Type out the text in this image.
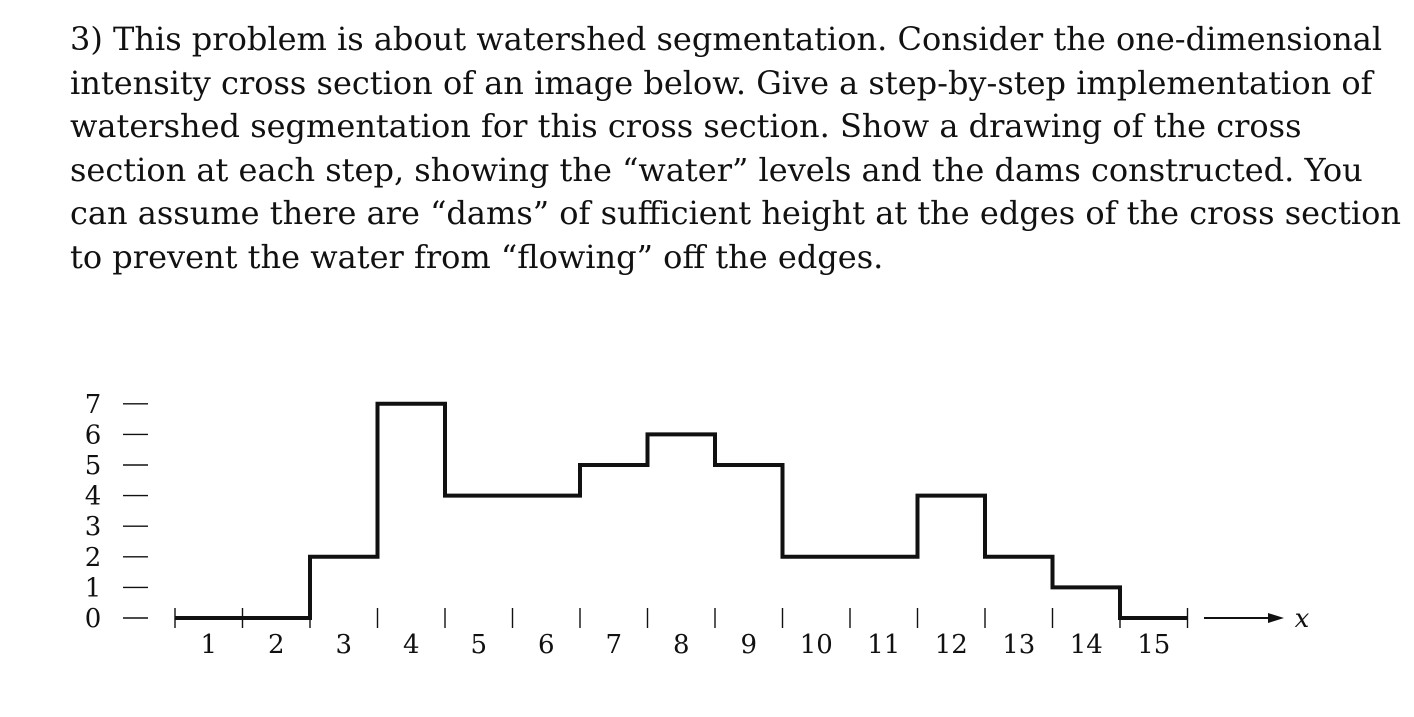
3) This problem is about watershed segmentation. Consider the one-dimensional
intensity cross section of an image below. Give a step-by-step implementation of
watershed segmentation for this cross section. Show a drawing of the cross
section at each step, showing the “water” levels and the dams constructed. You
can assume there are “dams” of sufficient height at the edges of the cross section
to prevent the water from “flowing” off the edges.
0
1
2
3
4
5
6
7
1 2 3 4 5 6 7 8 9 10 11 12 13 14 15
x
